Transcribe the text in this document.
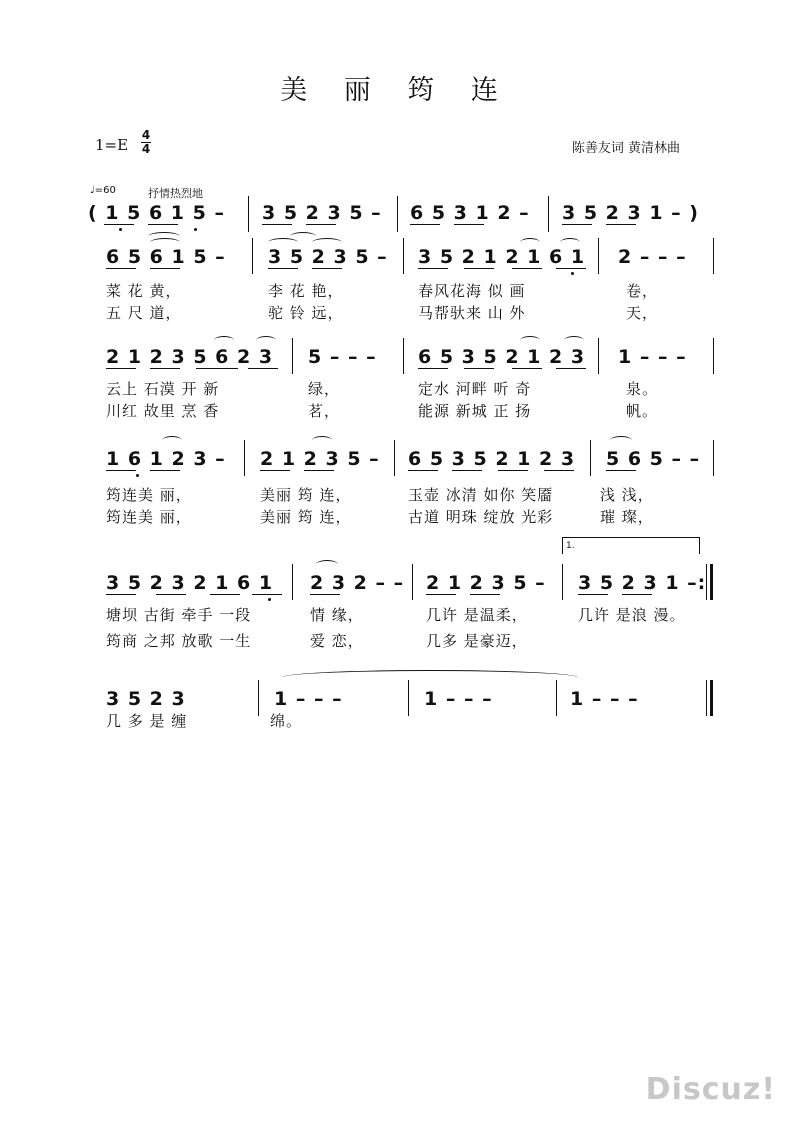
美 丽 筠 连
1=E
4
4	陈善友词 黄清林曲
♩=60	抒情热烈地
( 1 5 6 1 5 – 3 5 2 3 5 – 6 5 3 1 2 – 3 5 2 3 1 – )
6 5 6 1 5 – 3 5 2 3 5 – 3 5 2 1 2 1 6 1 2 – – –
菜 花 黄，	李 花 艳，	春风花海 似 画	卷，
五 尺 道，	驼 铃 远，	马帮驮来 山 外	天，
2 1 2 3 5 6 2 3 5 – – – 6 5 3 5 2 1 2 3 1 – – –
云上 石漠 开 新	绿，	定水 河畔 听 奇	泉。
川红 故里 烹 香	茗，	能源 新城 正 扬	帆。
1 6 1 2 3 – 2 1 2 3 5 – 6 5 3 5 2 1 2 3 5 6 5 – –
筠连美 丽，	美丽 筠 连，	玉壶 冰清 如你 笑靥	浅 浅，
筠连美 丽，	美丽 筠 连，	古道 明珠 绽放 光彩	璀 璨，
1.
3 5 2 3 2 1 6 1 2 3 2 – – 2 1 2 3 5 – 3 5 2 3 1 –:
塘坝 古街 牵手 一段	情 缘，	几许 是温柔，	几许 是浪 漫。
筠商 之邦 放歌 一生	爱 恋，	几多 是豪迈，
3 5 2 3	1 – – –	1 – – –	1 – – –
几 多 是 缠	绵。
Discuz!
